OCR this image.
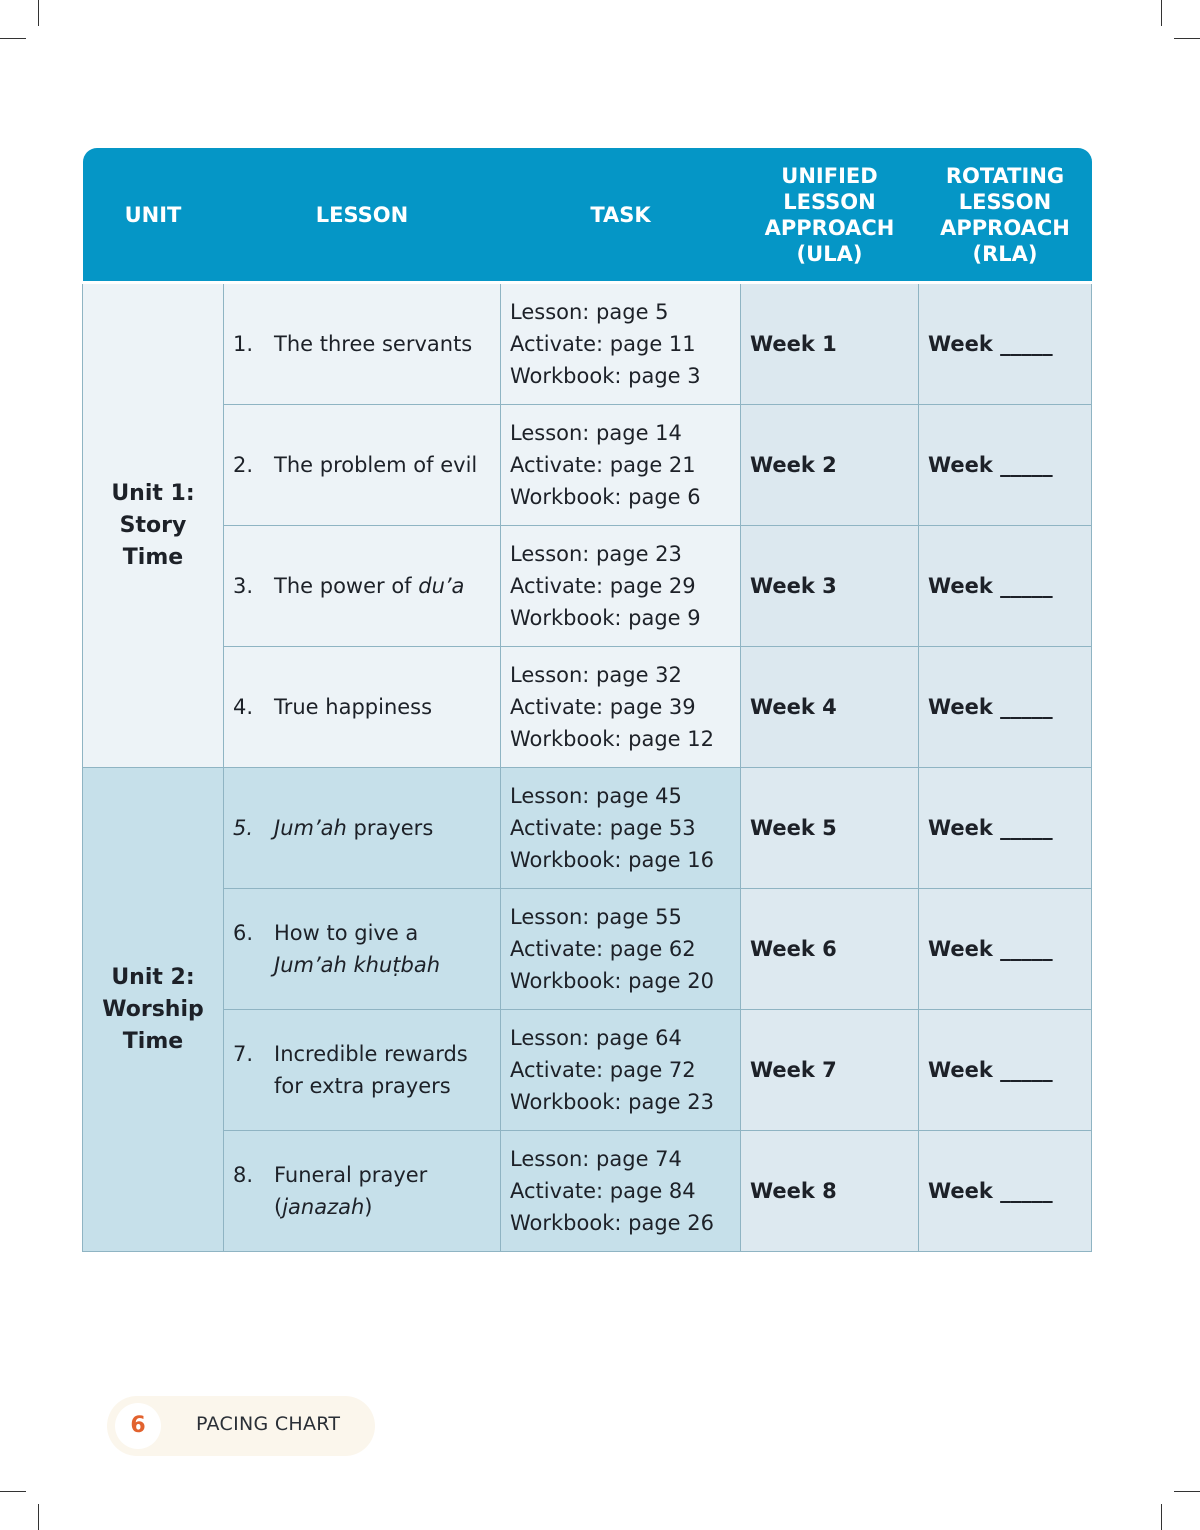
UNIT	LESSON	TASK	UNIFIED
LESSON
APPROACH
(ULA)	ROTATING
LESSON
APPROACH
(RLA)
Unit 1:
Story
Time	1. The three servants	Lesson: page 5
Activate: page 11
Workbook: page 3	Week 1	Week _____

	2. The problem of evil	Lesson: page 14
Activate: page 21
Workbook: page 6	Week 2	Week _____

	3. The power of du’a	Lesson: page 23
Activate: page 29
Workbook: page 9	Week 3	Week _____

	4. True happiness	Lesson: page 32
Activate: page 39
Workbook: page 12	Week 4	Week _____
Unit 2:
Worship
Time	5. Jum’ah prayers	Lesson: page 45
Activate: page 53
Workbook: page 16	Week 5	Week _____

	6. How to give a
Jum’ah khuṭbah	Lesson: page 55
Activate: page 62
Workbook: page 20	Week 6	Week _____

	7. Incredible rewards for extra prayers	Lesson: page 64
Activate: page 72
Workbook: page 23	Week 7	Week _____

	8. Funeral prayer
(janazah)	Lesson: page 74
Activate: page 84
Workbook: page 26	Week 8	Week _____
6	PACING CHART
